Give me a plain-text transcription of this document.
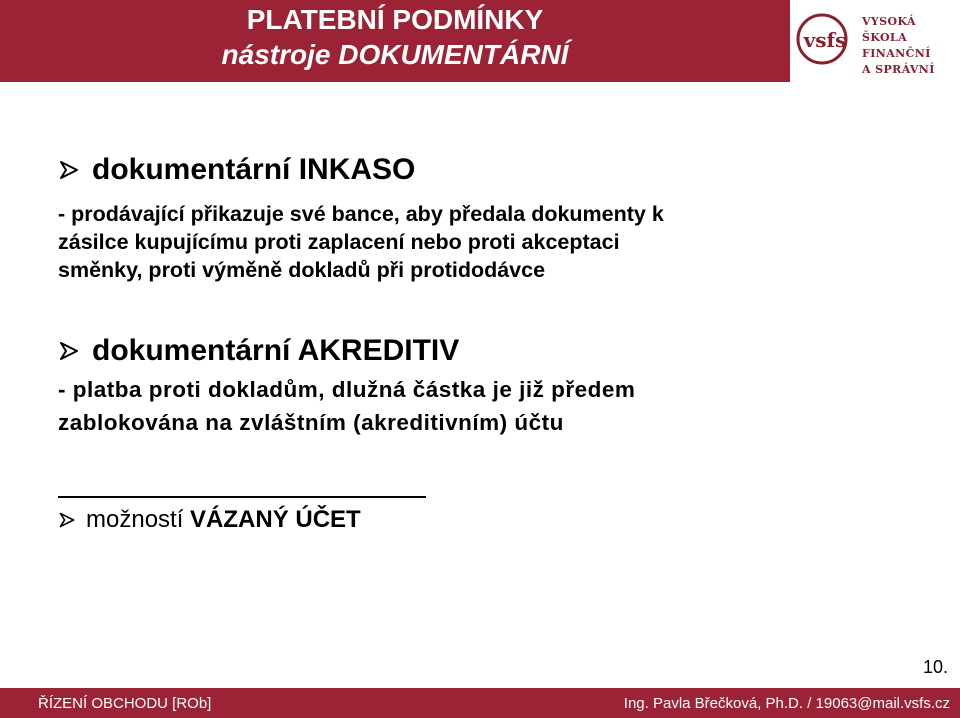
PLATEBNÍ PODMÍNKY
nástroje DOKUMENTÁRNÍ	vsfs
VYSOKÁ ŠKOLA
FINANČNÍ
A SPRÁVNÍ
dokumentární INKASO
- prodávající přikazuje své bance, aby předala dokumenty k
zásilce kupujícímu proti zaplacení nebo proti akceptaci
směnky, proti výměně dokladů při protidodávce
dokumentární AKREDITIV
- platba proti dokladům, dlužná částka je již předem
zablokována na zvláštním (akreditivním) účtu
možností VÁZANÝ ÚČET
10.
ŘÍZENÍ OBCHODU [ROb]	Ing. Pavla Břečková, Ph.D. / 19063@mail.vsfs.cz
